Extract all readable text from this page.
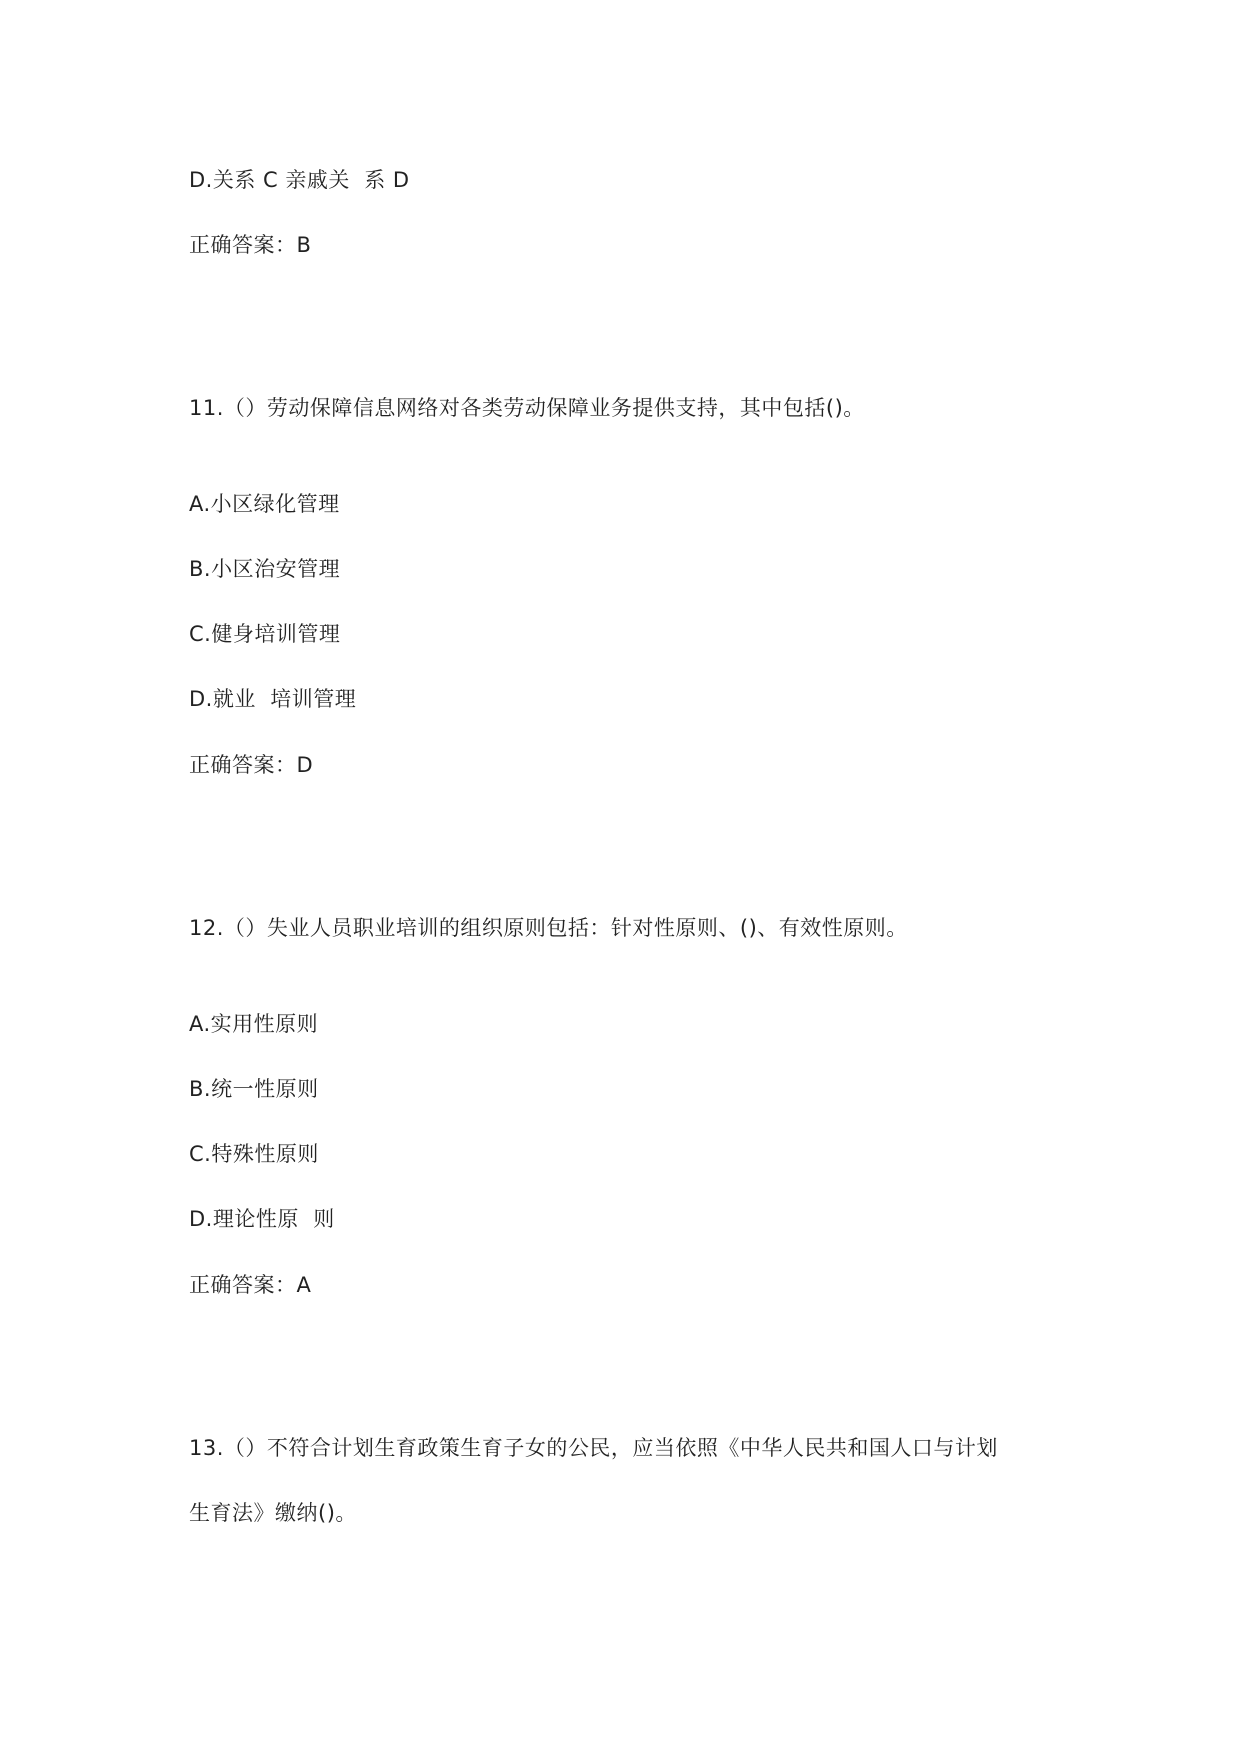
D.关系 C 亲戚关  系 D
正确答案：B
11.（）劳动保障信息网络对各类劳动保障业务提供支持，其中包括()。
A.小区绿化管理
B.小区治安管理
C.健身培训管理
D.就业  培训管理
正确答案：D
12.（）失业人员职业培训的组织原则包括：针对性原则、()、有效性原则。
A.实用性原则
B.统一性原则
C.特殊性原则
D.理论性原  则
正确答案：A
13.（）不符合计划生育政策生育子女的公民，应当依照《中华人民共和国人口与计划
生育法》缴纳()。
